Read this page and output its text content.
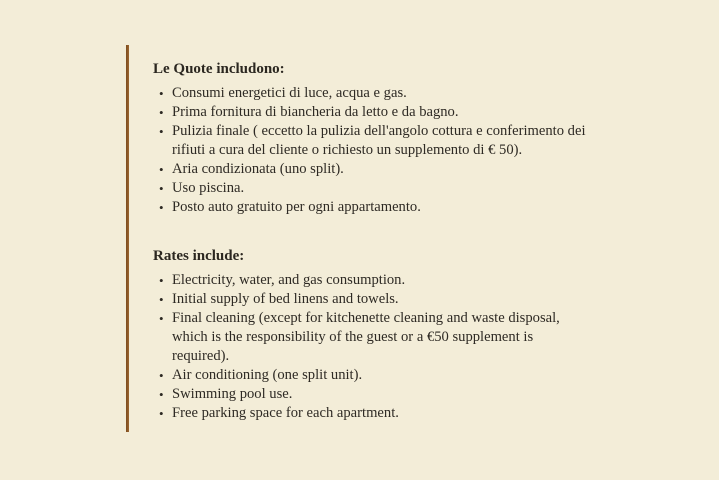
Le Quote includono:
• Consumi energetici di luce, acqua e gas.
• Prima fornitura di biancheria da letto e da bagno.
• Pulizia finale ( eccetto la pulizia dell'angolo cottura e conferimento dei
rifiuti a cura del cliente o richiesto un supplemento di € 50).
• Aria condizionata (uno split).
• Uso piscina.
• Posto auto gratuito per ogni appartamento.
Rates include:
• Electricity, water, and gas consumption.
• Initial supply of bed linens and towels.
• Final cleaning (except for kitchenette cleaning and waste disposal,
which is the responsibility of the guest or a €50 supplement is
required).
• Air conditioning (one split unit).
• Swimming pool use.
• Free parking space for each apartment.
